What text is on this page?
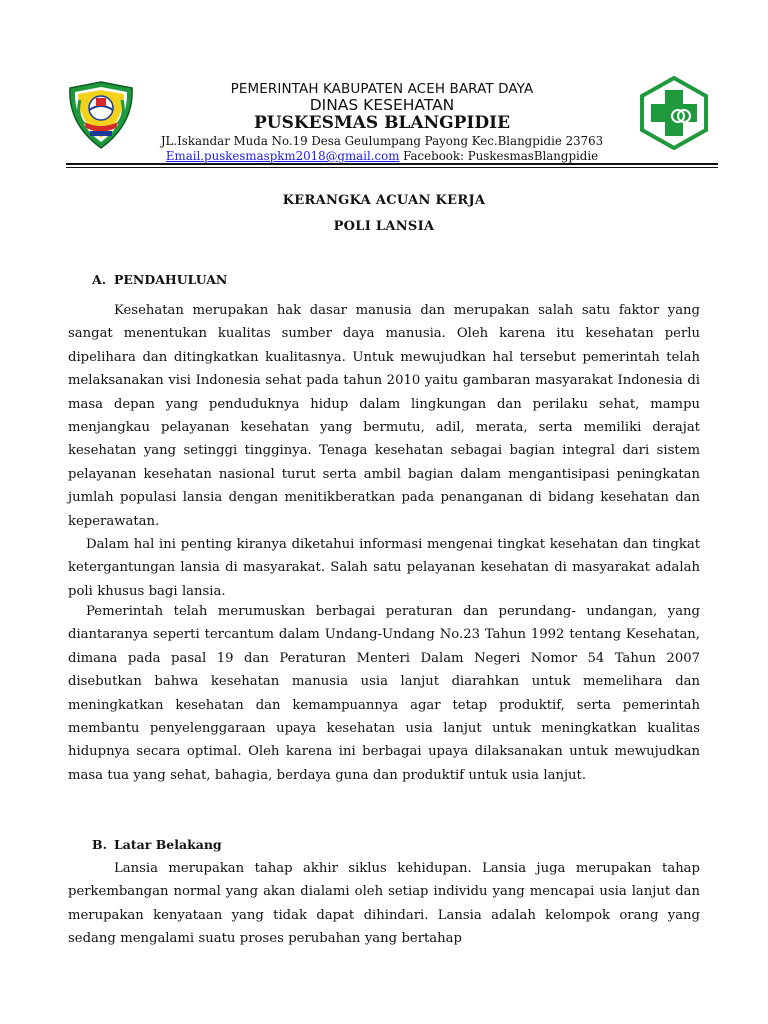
PEMERINTAH KABUPATEN ACEH BARAT DAYA
DINAS KESEHATAN
PUSKESMAS BLANGPIDIE
JL.Iskandar Muda No.19 Desa Geulumpang Payong Kec.Blangpidie 23763
Email.puskesmaspkm2018@gmail.com Facebook: PuskesmasBlangpidie
KERANGKA ACUAN KERJA
POLI LANSIA
A. PENDAHULUAN
Kesehatan merupakan hak dasar manusia dan merupakan salah satu faktor yang sangat menentukan kualitas sumber daya manusia. Oleh karena itu kesehatan perlu dipelihara dan ditingkatkan kualitasnya. Untuk mewujudkan hal tersebut pemerintah telah melaksanakan visi Indonesia sehat pada tahun 2010 yaitu gambaran masyarakat Indonesia di masa depan yang penduduknya hidup dalam lingkungan dan perilaku sehat, mampu menjangkau pelayanan kesehatan yang bermutu, adil, merata, serta memiliki derajat kesehatan yang setinggi tingginya. Tenaga kesehatan sebagai bagian integral dari sistem pelayanan kesehatan nasional turut serta ambil bagian dalam mengantisipasi peningkatan jumlah populasi lansia dengan menitikberatkan pada penanganan di bidang kesehatan dan keperawatan.
Dalam hal ini penting kiranya diketahui informasi mengenai tingkat kesehatan dan tingkat ketergantungan lansia di masyarakat. Salah satu pelayanan kesehatan di masyarakat adalah poli khusus bagi lansia.
Pemerintah telah merumuskan berbagai peraturan dan perundang- undangan, yang diantaranya seperti tercantum dalam Undang-Undang No.23 Tahun 1992 tentang Kesehatan, dimana pada pasal 19 dan Peraturan Menteri Dalam Negeri Nomor 54 Tahun 2007 disebutkan bahwa kesehatan manusia usia lanjut diarahkan untuk memelihara dan meningkatkan kesehatan dan kemampuannya agar tetap produktif, serta pemerintah membantu penyelenggaraan upaya kesehatan usia lanjut untuk meningkatkan kualitas hidupnya secara optimal. Oleh karena ini berbagai upaya dilaksanakan untuk mewujudkan masa tua yang sehat, bahagia, berdaya guna dan produktif untuk usia lanjut.
B. Latar Belakang
Lansia merupakan tahap akhir siklus kehidupan. Lansia juga merupakan tahap perkembangan normal yang akan dialami oleh setiap individu yang mencapai usia lanjut dan merupakan kenyataan yang tidak dapat dihindari. Lansia adalah kelompok orang yang sedang mengalami suatu proses perubahan yang bertahap
